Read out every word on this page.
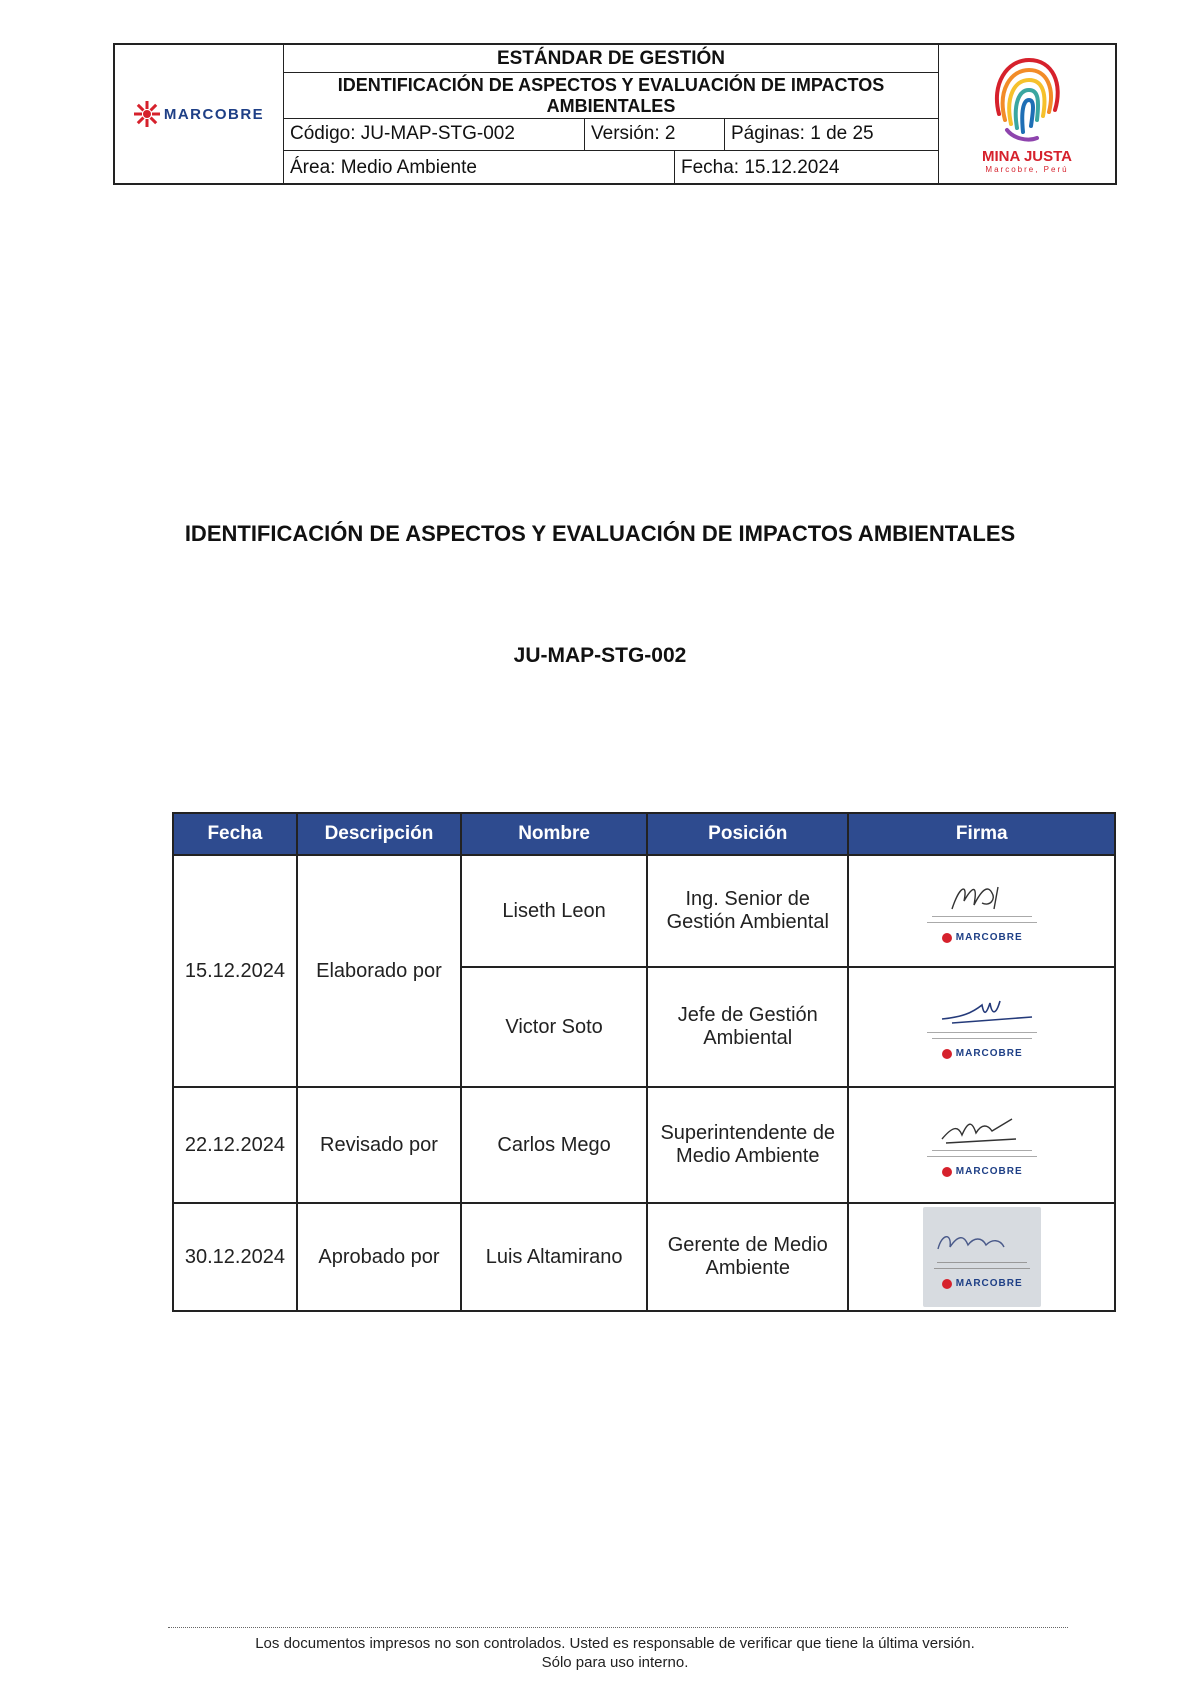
MARCOBRE
ESTÁNDAR DE GESTIÓN
IDENTIFICACIÓN DE ASPECTOS Y EVALUACIÓN DE IMPACTOS AMBIENTALES
Código: JU-MAP-STG-002	Versión: 2	Páginas: 1 de 25
Área: Medio Ambiente	Fecha: 15.12.2024
MINA JUSTA
Marcobre, Perú
IDENTIFICACIÓN DE ASPECTOS Y EVALUACIÓN DE IMPACTOS AMBIENTALES
JU-MAP-STG-002
Fecha	Descripción	Nombre	Posición	Firma
15.12.2024	Elaborado por	Liseth Leon	Ing. Senior de Gestión Ambiental	MARCOBRE

		Victor Soto	Jefe de Gestión Ambiental	MARCOBRE

22.12.2024	Revisado por	Carlos Mego	Superintendente de Medio Ambiente	MARCOBRE

30.12.2024	Aprobado por	Luis Altamirano	Gerente de Medio Ambiente	MARCOBRE
Los documentos impresos no son controlados. Usted es responsable de verificar que tiene la última versión.
Sólo para uso interno.
